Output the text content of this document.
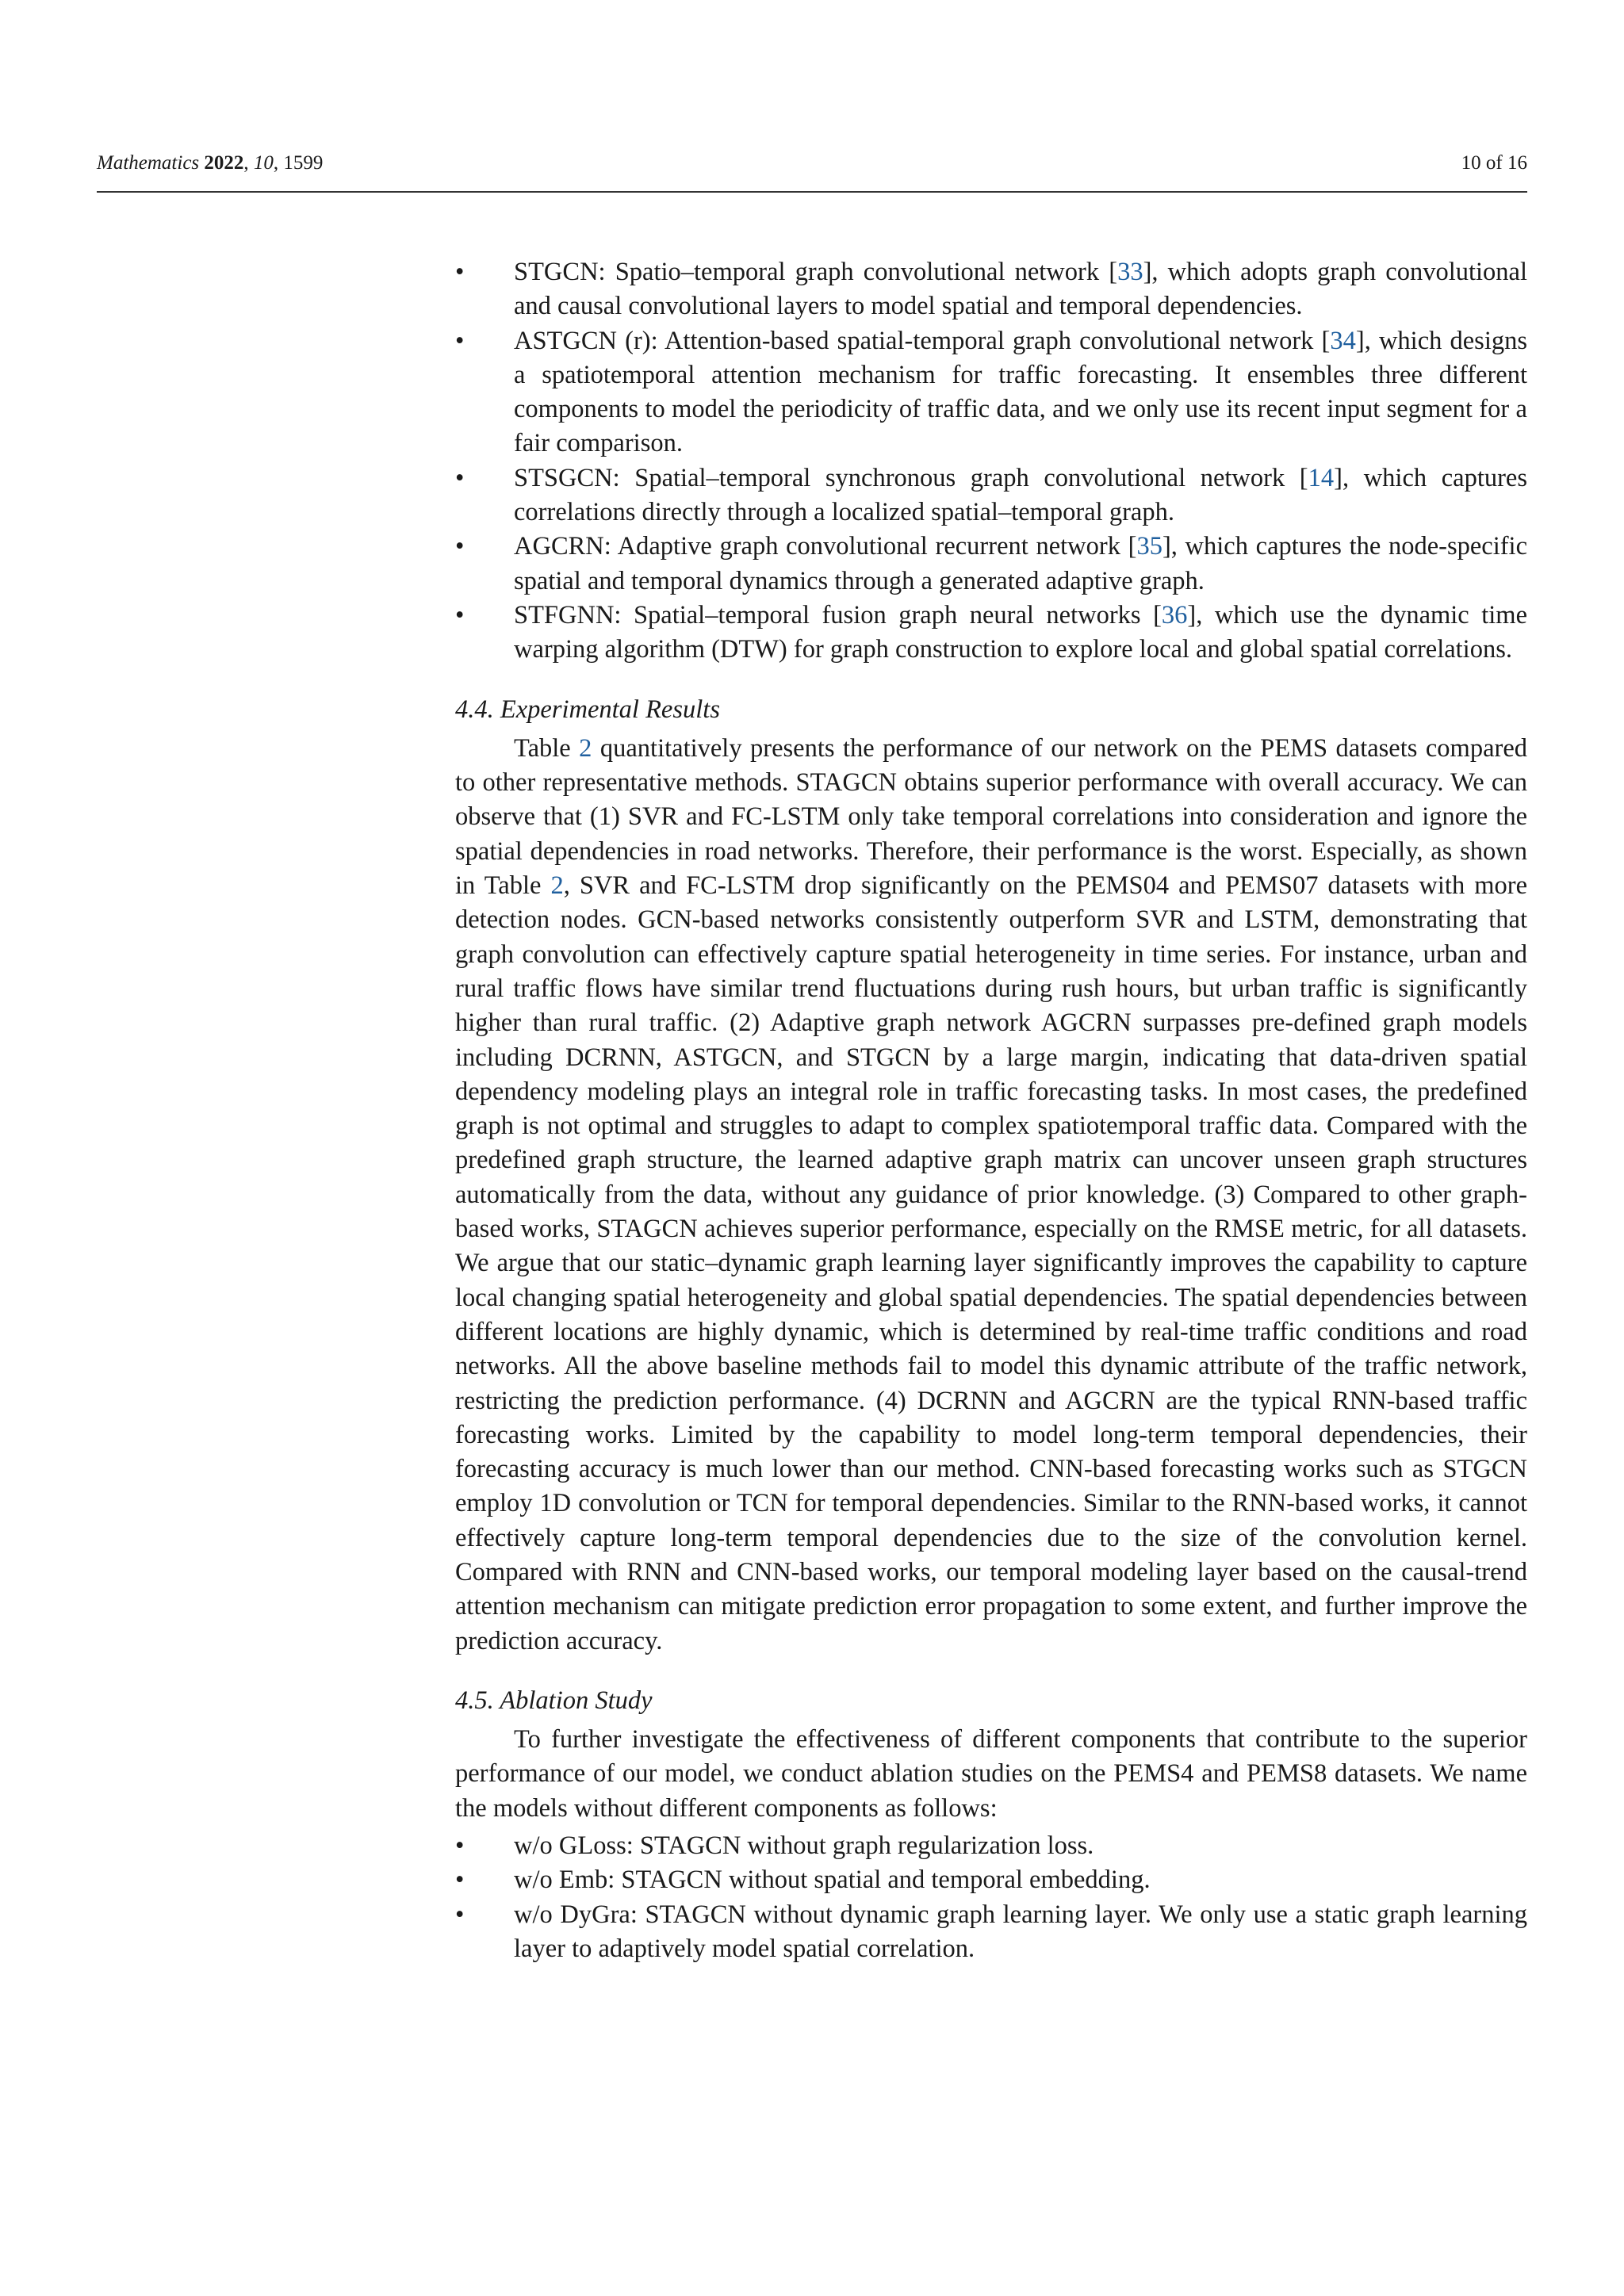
Mathematics 2022, 10, 1599	10 of 16
• STGCN: Spatio–temporal graph convolutional network [33], which adopts graph convolutional and causal convolutional layers to model spatial and temporal dependencies.
• ASTGCN (r): Attention-based spatial-temporal graph convolutional network [34], which designs a spatiotemporal attention mechanism for traffic forecasting. It ensembles three different components to model the periodicity of traffic data, and we only use its recent input segment for a fair comparison.
• STSGCN: Spatial–temporal synchronous graph convolutional network [14], which captures correlations directly through a localized spatial–temporal graph.
• AGCRN: Adaptive graph convolutional recurrent network [35], which captures the node-specific spatial and temporal dynamics through a generated adaptive graph.
• STFGNN: Spatial–temporal fusion graph neural networks [36], which use the dynamic time warping algorithm (DTW) for graph construction to explore local and global spatial correlations.
4.4. Experimental Results

Table 2 quantitatively presents the performance of our network on the PEMS datasets compared to other representative methods. STAGCN obtains superior performance with overall accuracy. We can observe that (1) SVR and FC-LSTM only take temporal correlations into consideration and ignore the spatial dependencies in road networks. Therefore, their performance is the worst. Especially, as shown in Table 2, SVR and FC-LSTM drop significantly on the PEMS04 and PEMS07 datasets with more detection nodes. GCN-based networks consistently outperform SVR and LSTM, demonstrating that graph convolution can effectively capture spatial heterogeneity in time series. For instance, urban and rural traffic flows have similar trend fluctuations during rush hours, but urban traffic is significantly higher than rural traffic. (2) Adaptive graph network AGCRN surpasses pre-defined graph models including DCRNN, ASTGCN, and STGCN by a large margin, indicating that data-driven spatial dependency modeling plays an integral role in traffic forecasting tasks. In most cases, the predefined graph is not optimal and struggles to adapt to complex spatiotemporal traffic data. Compared with the predefined graph structure, the learned adaptive graph matrix can uncover unseen graph structures automatically from the data, without any guidance of prior knowledge. (3) Compared to other graph-based works, STAGCN achieves superior performance, especially on the RMSE metric, for all datasets. We argue that our static–dynamic graph learning layer significantly improves the capability to capture local changing spatial heterogeneity and global spatial dependencies. The spatial dependencies between different locations are highly dynamic, which is determined by real-time traffic conditions and road networks. All the above baseline methods fail to model this dynamic attribute of the traffic network, restricting the prediction performance. (4) DCRNN and AGCRN are the typical RNN-based traffic forecasting works. Limited by the capability to model long-term temporal dependencies, their forecasting accuracy is much lower than our method. CNN-based forecasting works such as STGCN employ 1D convolution or TCN for temporal dependencies. Similar to the RNN-based works, it cannot effectively capture long-term temporal dependencies due to the size of the convolution kernel. Compared with RNN and CNN-based works, our temporal modeling layer based on the causal-trend attention mechanism can mitigate prediction error propagation to some extent, and further improve the prediction accuracy.

4.5. Ablation Study

To further investigate the effectiveness of different components that contribute to the superior performance of our model, we conduct ablation studies on the PEMS4 and PEMS8 datasets. We name the models without different components as follows:

• w/o GLoss: STAGCN without graph regularization loss.
• w/o Emb: STAGCN without spatial and temporal embedding.
• w/o DyGra: STAGCN without dynamic graph learning layer. We only use a static graph learning layer to adaptively model spatial correlation.
